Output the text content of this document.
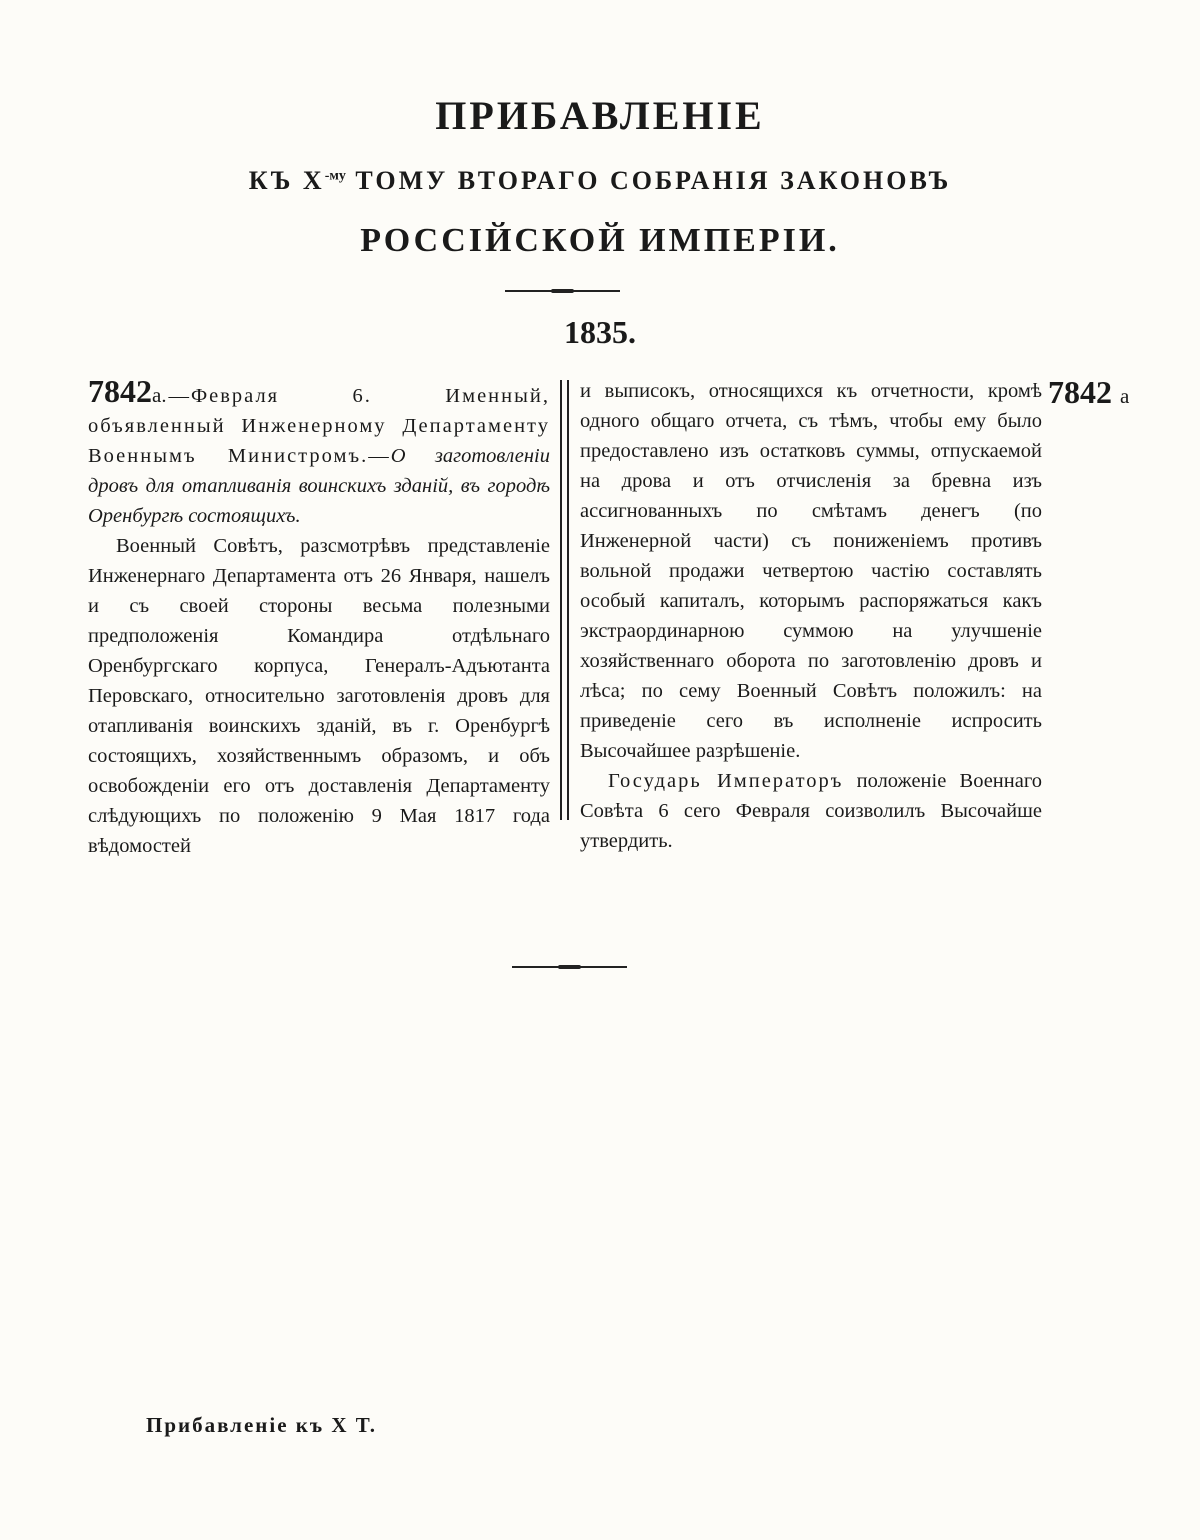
ПРИБАВЛЕНІЕ
КЪ $X^{-му}$ ТОМУ ВТОРАГО СОБРАНІЯ ЗАКОНОВЪ
РОССІЙСКОЙ ИМПЕРІИ.
1835.

7842а.—Февраля 6. Именный, объявленный Инженерному Департаменту Военнымъ Министромъ.—О заготовленіи дровъ для отапливанія воинскихъ зданій, въ городѣ Оренбургѣ состоящихъ.

Военный Совѣтъ, разсмотрѣвъ представленіе Инженернаго Департамента отъ 26 Января, нашелъ и съ своей стороны весьма полезными предположенія Командира отдѣльнаго Оренбургскаго корпуса, Генералъ-Адъютанта Перовскаго, относительно заготовленія дровъ для отапливанія воинскихъ зданій, въ г. Оренбургѣ состоящихъ, хозяйственнымъ образомъ, и объ освобожденіи его отъ доставленія Департаменту слѣдующихъ по положенію 9 Мая 1817 года вѣдомостей

и выписокъ, относящихся къ отчетности, кромѣ одного общаго отчета, съ тѣмъ, чтобы ему было предоставлено изъ остатковъ суммы, отпускаемой на дрова и отъ отчисленія за бревна изъ ассигнованныхъ по смѣтамъ денегъ (по Инженерной части) съ пониженіемъ противъ вольной продажи четвертою частію составлять особый капиталъ, которымъ распоряжаться какъ экстраординарною суммою на улучшеніе хозяйственнаго оборота по заготовленію дровъ и лѣса; по сему Военный Совѣтъ положилъ: на приведеніе сего въ исполненіе испросить Высочайшее разрѣшеніе.

Государь Императоръ положеніе Военнаго Совѣта 6 сего Февраля соизволилъ Высочайше утвердить.

7842 а
Прибавленіе къ X Т.
